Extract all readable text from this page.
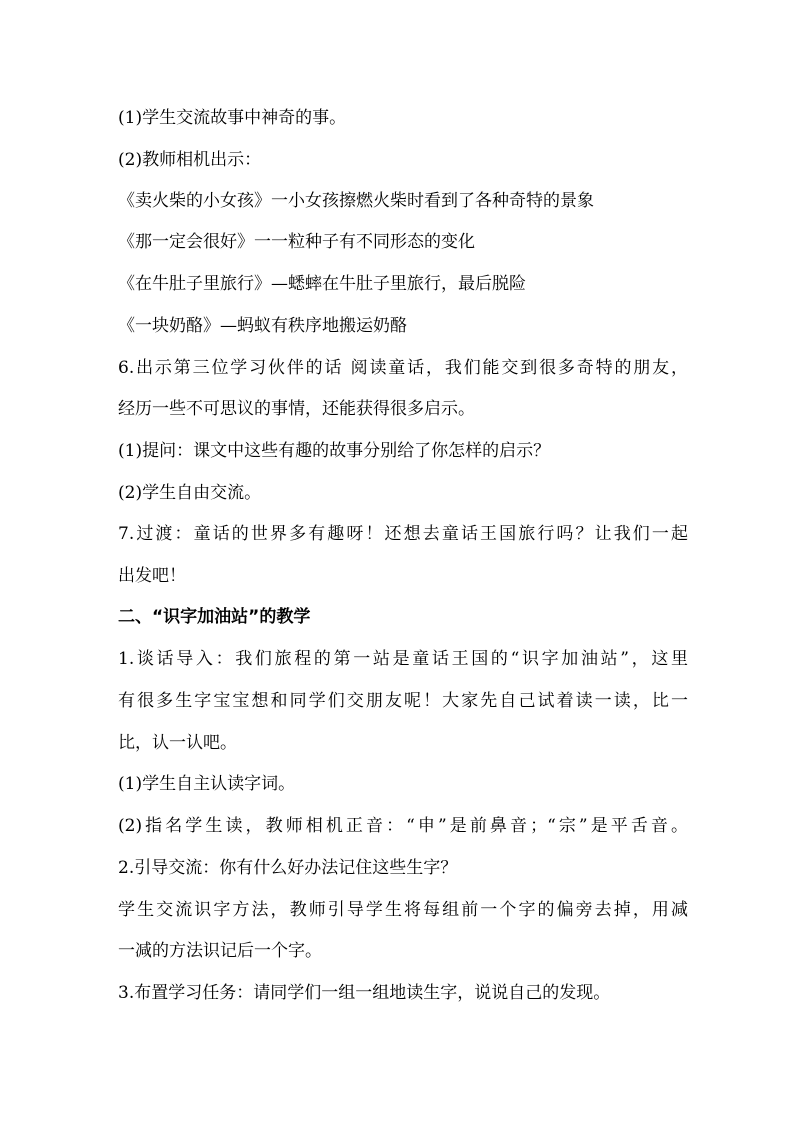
(1)学生交流故事中神奇的事。
(2)教师相机出示：
《卖火柴的小女孩》一小女孩擦燃火柴时看到了各种奇特的景象
《那一定会很好》一一粒种子有不同形态的变化
《在牛肚子里旅行》—蟋蟀在牛肚子里旅行，最后脱险
《一块奶酪》—蚂蚁有秩序地搬运奶酪
6.出示第三位学习伙伴的话 阅读童话，我们能交到很多奇特的朋友，
经历一些不可思议的事情，还能获得很多启示。
(1)提问：课文中这些有趣的故事分别给了你怎样的启示？
(2)学生自由交流。
7.过渡：童话的世界多有趣呀！还想去童话王国旅行吗？让我们一起
出发吧！
二、“识字加油站”的教学
1.谈话导入：我们旅程的第一站是童话王国的“识字加油站”，这里
有很多生字宝宝想和同学们交朋友呢！大家先自己试着读一读，比一
比，认一认吧。
(1)学生自主认读字词。
(2)指名学生读，教师相机正音：“申”是前鼻音；“宗”是平舌音。
2.引导交流：你有什么好办法记住这些生字？
学生交流识字方法，教师引导学生将每组前一个字的偏旁去掉，用减
一减的方法识记后一个字。
3.布置学习任务：请同学们一组一组地读生字，说说自己的发现。
